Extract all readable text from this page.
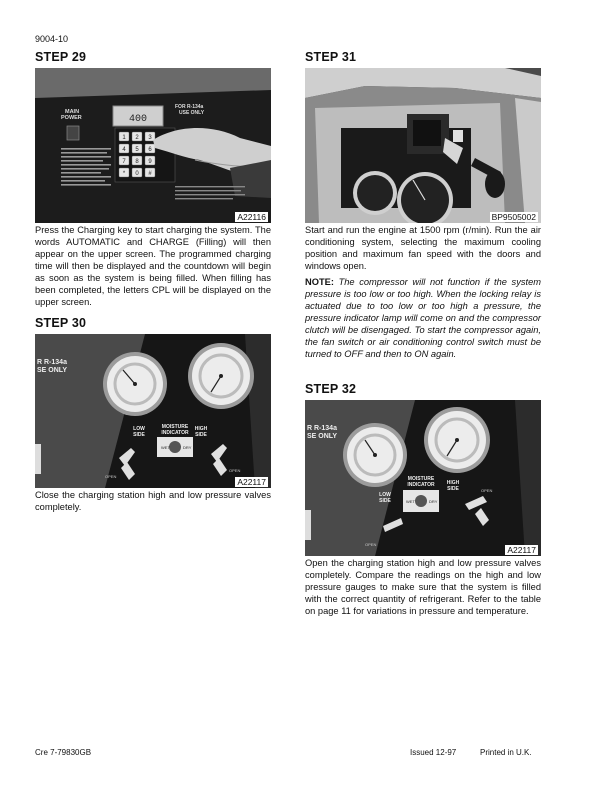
9004-10
STEP 29
MAIN
POWER
FOR R-134a
USE ONLY
400
1 2 3
4 5 6
7 8 9
* 0 #
A22116
Press the Charging key to start charging the system. The words AUTOMATIC and CHARGE (Filling) will then appear on the upper screen. The programmed charging time will then be displayed and the countdown will begin as soon as the system is being filled. When filling has been completed, the letters CPL will be displayed on the upper screen.
STEP 30
R R-134a
SE ONLY
LOW
SIDE
MOISTURE
INDICATOR
HIGH
SIDE
WET	DRY
OPEN
OPEN
A22117
Close the charging station high and low pressure valves completely.
STEP 31
BP9505002
Start and run the engine at 1500 rpm (r/min). Run the air conditioning system, selecting the maximum cooling position and maximum fan speed with the doors and windows open.
NOTE: The compressor will not function if the system pressure is too low or too high. When the locking relay is actuated due to too low or too high a pressure, the pressure indicator lamp will come on and the compressor clutch will be disengaged. To start the compressor again, the fan switch or air conditioning control switch must be turned to OFF and then to ON again.
STEP 32
R R-134a
SE ONLY
LOW
SIDE
MOISTURE
INDICATOR HIGH
SIDE
WET	DRY
OPEN
OPEN
A22117
Open the charging station high and low pressure valves completely. Compare the readings on the high and low pressure gauges to make sure that the system is filled with the correct quantity of refrigerant. Refer to the table on page 11 for variations in pressure and temperature.
Cre 7-79830GB	Issued 12-97	Printed in U.K.
